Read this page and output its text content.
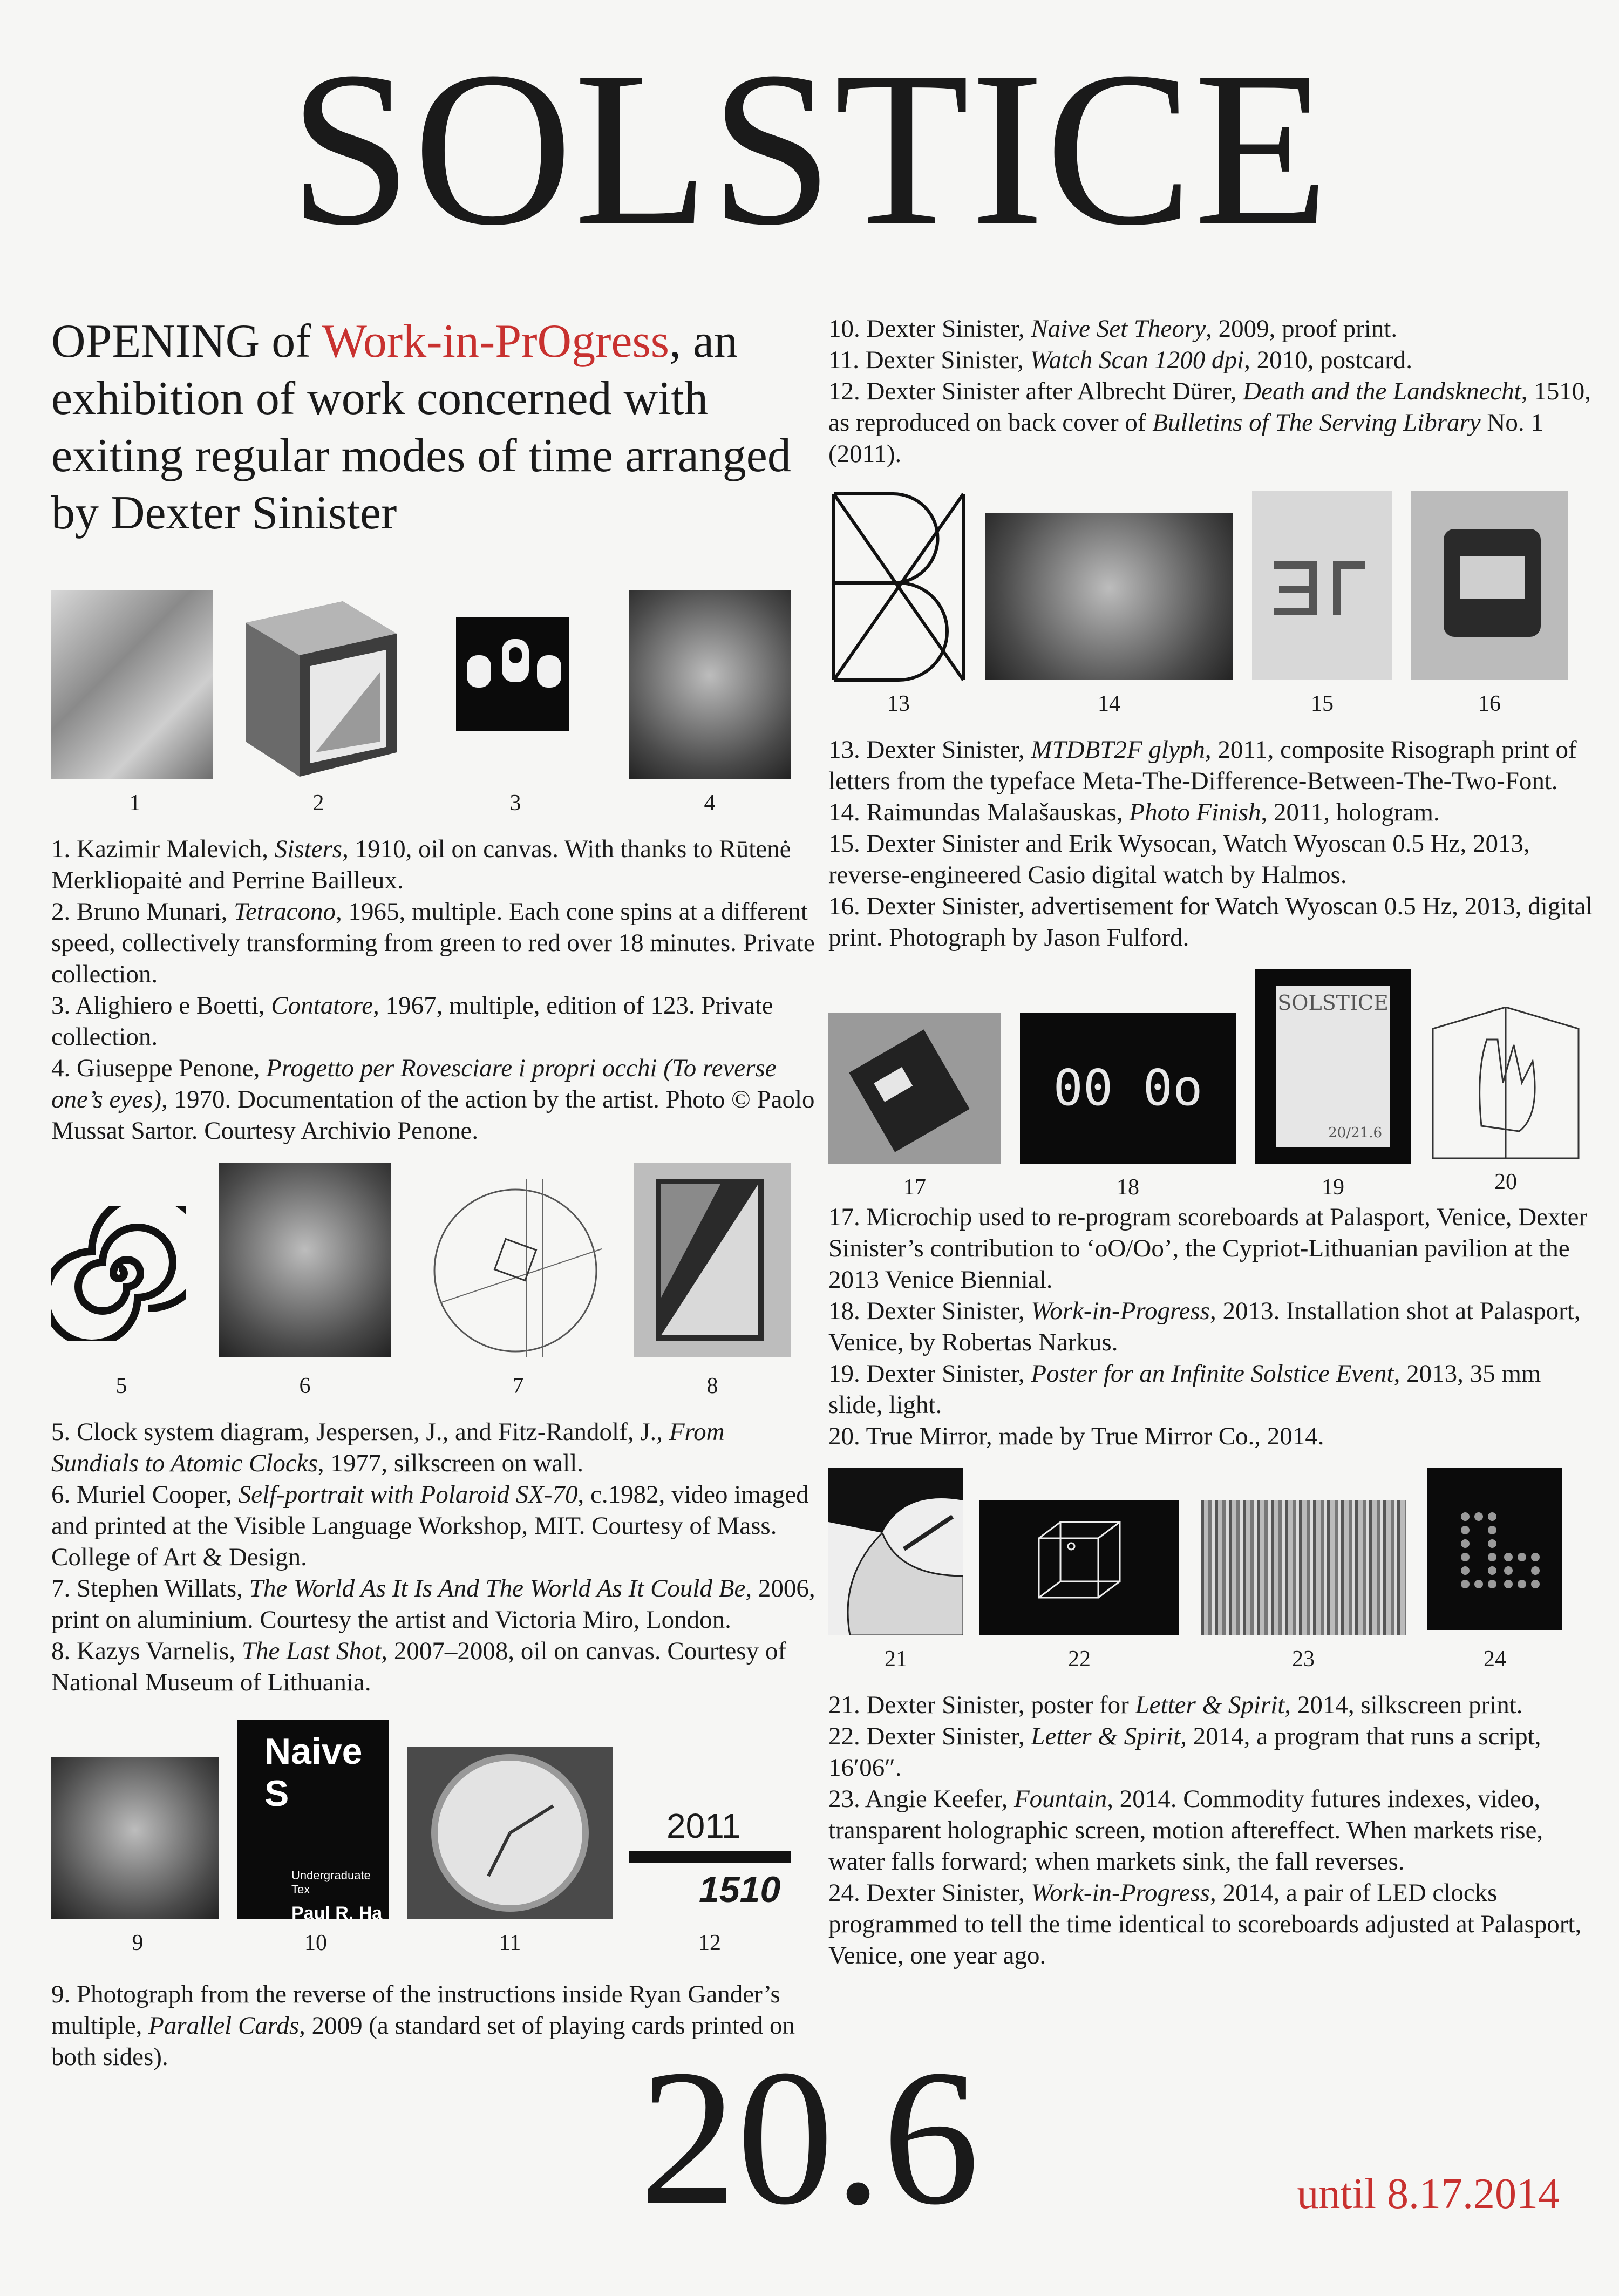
SOLSTICE
OPENING of Work-in-PrOgress, an exhibition of work concerned with exiting regular modes of time arranged by Dexter Sinister
1	2	3	4

1. Kazimir Malevich, Sisters, 1910, oil on canvas. With thanks to Rūtenė Merkliopaitė and Perrine Bailleux.

2. Bruno Munari, Tetracono, 1965, multiple. Each cone spins at a different speed, collectively transforming from green to red over 18 minutes. Private collection.

3. Alighiero e Boetti, Contatore, 1967, multiple, edition of 123. Private collection.

4. Giuseppe Penone, Progetto per Rovesciare i propri occhi (To reverse one’s eyes), 1970. Documentation of the action by the artist. Photo © Paolo Mussat Sartor. Courtesy Archivio Penone.

5	6	7	8

5. Clock system diagram, Jespersen, J., and Fitz-Randolf, J., From Sundials to Atomic Clocks, 1977, silkscreen on wall.

6. Muriel Cooper, Self-portrait with Polaroid SX-70, c.1982, video imaged and printed at the Visible Language Workshop, MIT. Courtesy of Mass. College of Art & Design.

7. Stephen Willats, The World As It Is And The World As It Could Be, 2006, print on aluminium. Courtesy the artist and Victoria Miro, London.

8. Kazys Varnelis, The Last Shot, 2007–2008, oil on canvas. Courtesy of National Museum of Lithuania.

9
Naive S
Undergraduate Tex
Paul R. Ha
10	11
2011
1510
12

9. Photograph from the reverse of the instructions inside Ryan Gander’s multiple, Parallel Cards, 2009 (a standard set of playing cards printed on both sides).

10. Dexter Sinister, Naive Set Theory, 2009, proof print.

11. Dexter Sinister, Watch Scan 1200 dpi, 2010, postcard.

12. Dexter Sinister after Albrecht Dürer, Death and the Landsknecht, 1510, as reproduced on back cover of Bulletins of The Serving Library No. 1 (2011).

13	14	15	16

13. Dexter Sinister, MTDBT2F glyph, 2011, composite Risograph print of letters from the typeface Meta-The-Difference-Between-The-Two-Font.

14. Raimundas Malašauskas, Photo Finish, 2011, hologram.

15. Dexter Sinister and Erik Wysocan, Watch Wyoscan 0.5 Hz, 2013, reverse-engineered Casio digital watch by Halmos.

16. Dexter Sinister, advertisement for Watch Wyoscan 0.5 Hz, 2013, digital print. Photograph by Jason Fulford.

17
00 0o
18
SOLSTICE
20/21.6
19	20

17. Microchip used to re-program scoreboards at Palasport, Venice, Dexter Sinister’s contribution to ‘oO/Oo’, the Cypriot-Lithuanian pavilion at the 2013 Venice Biennial.

18. Dexter Sinister, Work-in-Progress, 2013. Installation shot at Palasport, Venice, by Robertas Narkus.

19. Dexter Sinister, Poster for an Infinite Solstice Event, 2013, 35 mm slide, light.

20. True Mirror, made by True Mirror Co., 2014.

21	22	23	24

21. Dexter Sinister, poster for Letter & Spirit, 2014, silkscreen print.

22. Dexter Sinister, Letter & Spirit, 2014, a program that runs a script, 16′06″.

23. Angie Keefer, Fountain, 2014. Commodity futures indexes, video, transparent holographic screen, motion aftereffect. When markets rise, water falls forward; when markets sink, the fall reverses.

24. Dexter Sinister, Work-in-Progress, 2014, a pair of LED clocks programmed to tell the time identical to scoreboards adjusted at Palasport, Venice, one year ago.

20.6	until 8.17.2014
